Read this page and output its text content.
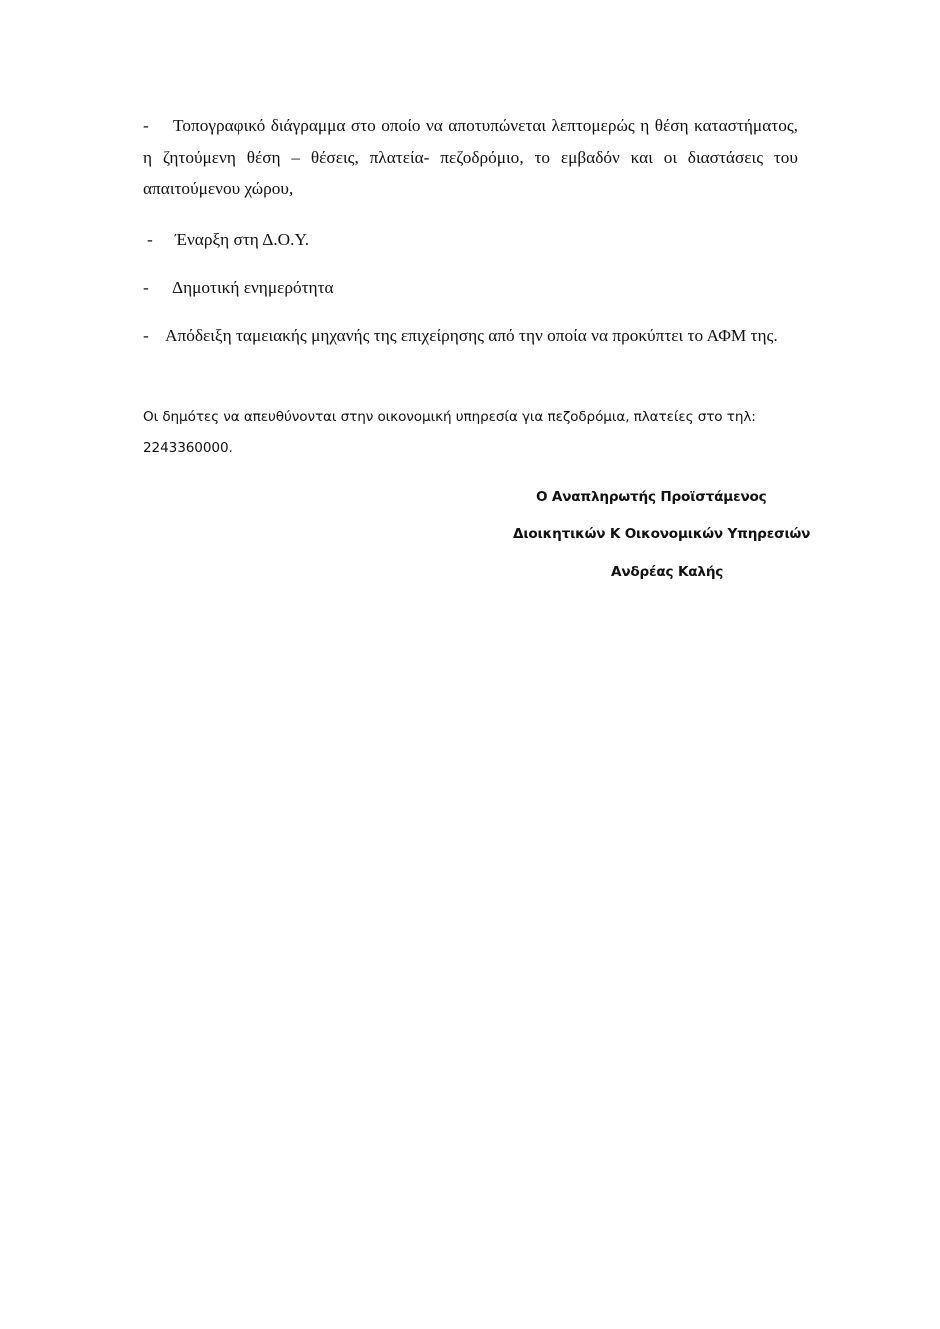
- Τοπογραφικό διάγραμμα στο οποίο να αποτυπώνεται λεπτομερώς η θέση καταστήματος, η ζητούμενη θέση – θέσεις, πλατεία- πεζοδρόμιο, το εμβαδόν και οι διαστάσεις του απαιτούμενου χώρου,
- Έναρξη στη Δ.Ο.Υ.
- Δημοτική ενημερότητα
- Απόδειξη ταμειακής μηχανής της επιχείρησης από την οποία να προκύπτει το ΑΦΜ της.
Οι δημότες να απευθύνονται στην οικονομική υπηρεσία για πεζοδρόμια, πλατείες στο τηλ: 2243360000.
Ο Αναπληρωτής Προϊστάμενος
Διοικητικών Κ Οικονομικών Υπηρεσιών
Ανδρέας Καλής
